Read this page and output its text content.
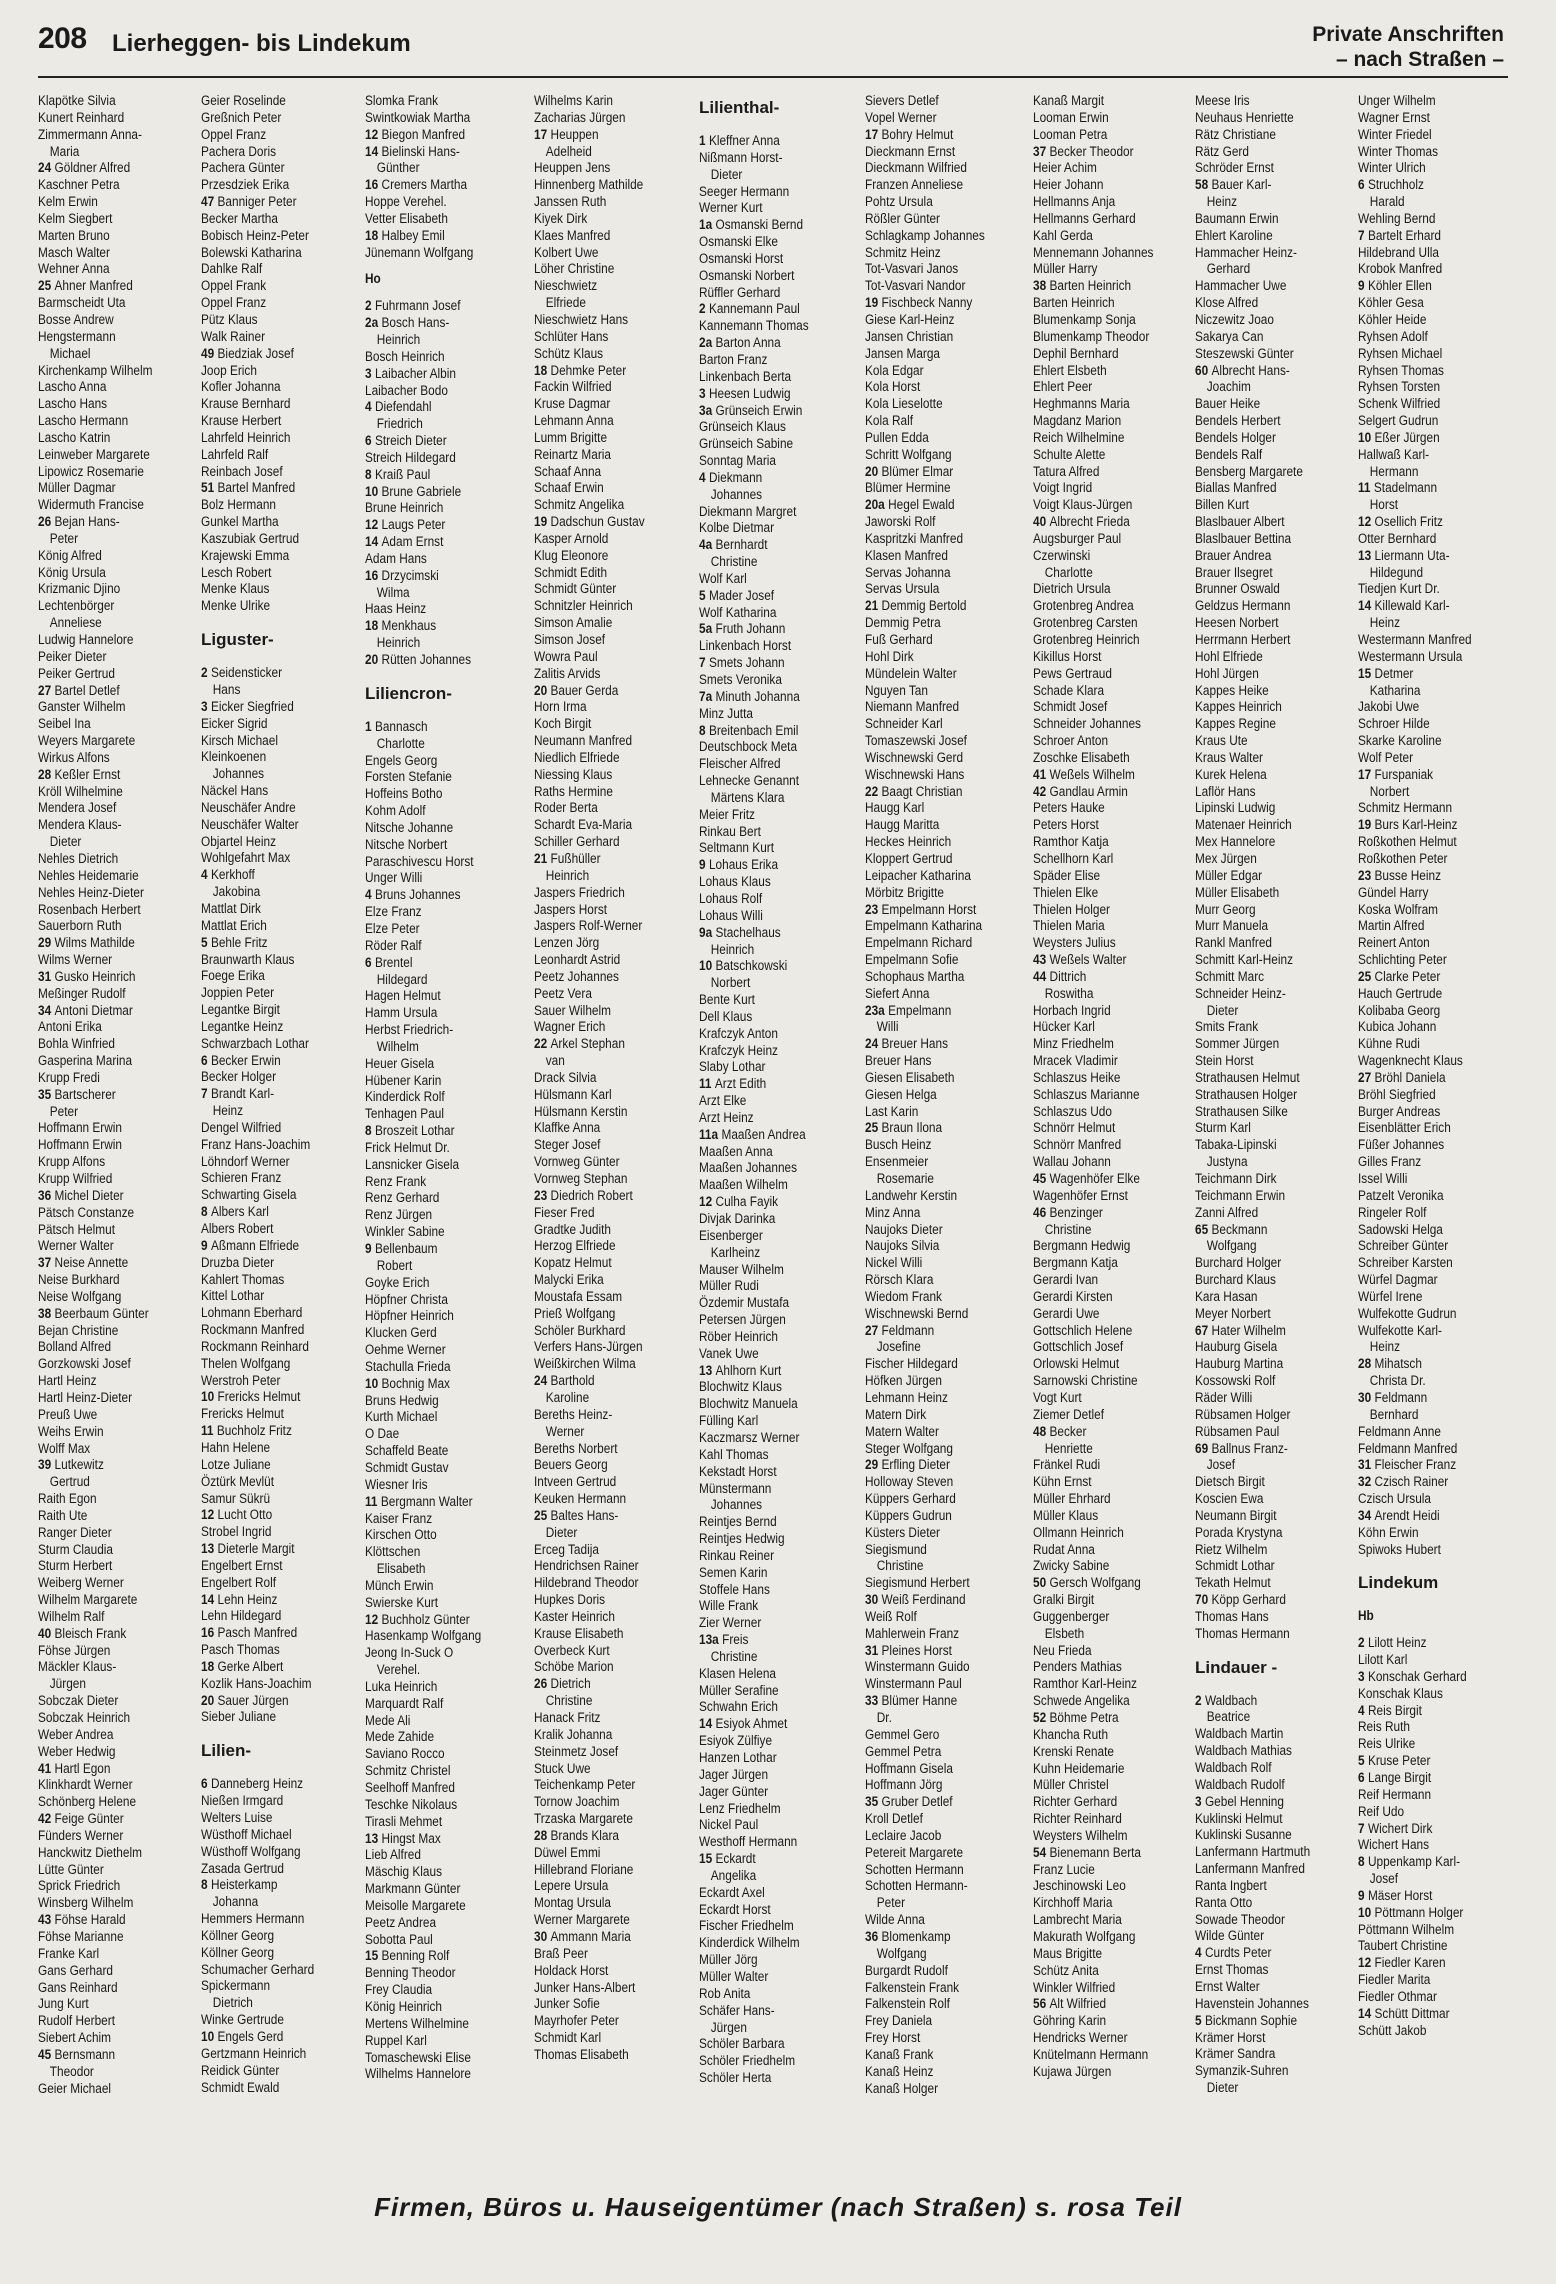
208 Lierheggen- bis Lindekum	Private Anschriften
– nach Straßen –
Klapötke Silvia
Kunert Reinhard
Zimmermann Anna-
Maria
24 Göldner Alfred
Kaschner Petra
Kelm Erwin
Kelm Siegbert
Marten Bruno
Masch Walter
Wehner Anna
25 Ahner Manfred
Barmscheidt Uta
Bosse Andrew
Hengstermann
Michael
Kirchenkamp Wilhelm
Lascho Anna
Lascho Hans
Lascho Hermann
Lascho Katrin
Leinweber Margarete
Lipowicz Rosemarie
Müller Dagmar
Widermuth Francise
26 Bejan Hans-
Peter
König Alfred
König Ursula
Krizmanic Djino
Lechtenbörger
Anneliese
Ludwig Hannelore
Peiker Dieter
Peiker Gertrud
27 Bartel Detlef
Ganster Wilhelm
Seibel Ina
Weyers Margarete
Wirkus Alfons
28 Keßler Ernst
Kröll Wilhelmine
Mendera Josef
Mendera Klaus-
Dieter
Nehles Dietrich
Nehles Heidemarie
Nehles Heinz-Dieter
Rosenbach Herbert
Sauerborn Ruth
29 Wilms Mathilde
Wilms Werner
31 Gusko Heinrich
Meßinger Rudolf
34 Antoni Dietmar
Antoni Erika
Bohla Winfried
Gasperina Marina
Krupp Fredi
35 Bartscherer
Peter
Hoffmann Erwin
Hoffmann Erwin
Krupp Alfons
Krupp Wilfried
36 Michel Dieter
Pätsch Constanze
Pätsch Helmut
Werner Walter
37 Neise Annette
Neise Burkhard
Neise Wolfgang
38 Beerbaum Günter
Bejan Christine
Bolland Alfred
Gorzkowski Josef
Hartl Heinz
Hartl Heinz-Dieter
Preuß Uwe
Weihs Erwin
Wolff Max
39 Lutkewitz
Gertrud
Raith Egon
Raith Ute
Ranger Dieter
Sturm Claudia
Sturm Herbert
Weiberg Werner
Wilhelm Margarete
Wilhelm Ralf
40 Bleisch Frank
Föhse Jürgen
Mäckler Klaus-
Jürgen
Sobczak Dieter
Sobczak Heinrich
Weber Andrea
Weber Hedwig
41 Hartl Egon
Klinkhardt Werner
Schönberg Helene
42 Feige Günter
Fünders Werner
Hanckwitz Diethelm
Lütte Günter
Sprick Friedrich
Winsberg Wilhelm
43 Föhse Harald
Föhse Marianne
Franke Karl
Gans Gerhard
Gans Reinhard
Jung Kurt
Rudolf Herbert
Siebert Achim
45 Bernsmann
Theodor
Geier Michael
Geier Roselinde
Greßnich Peter
Oppel Franz
Pachera Doris
Pachera Günter
Przesdziek Erika
47 Banniger Peter
Becker Martha
Bobisch Heinz-Peter
Bolewski Katharina
Dahlke Ralf
Oppel Frank
Oppel Franz
Pütz Klaus
Walk Rainer
49 Biedziak Josef
Joop Erich
Kofler Johanna
Krause Bernhard
Krause Herbert
Lahrfeld Heinrich
Lahrfeld Ralf
Reinbach Josef
51 Bartel Manfred
Bolz Hermann
Gunkel Martha
Kaszubiak Gertrud
Krajewski Emma
Lesch Robert
Menke Klaus
Menke Ulrike
Liguster-
2 Seidensticker
Hans
3 Eicker Siegfried
Eicker Sigrid
Kirsch Michael
Kleinkoenen
Johannes
Näckel Hans
Neuschäfer Andre
Neuschäfer Walter
Objartel Heinz
Wohlgefahrt Max
4 Kerkhoff
Jakobina
Mattlat Dirk
Mattlat Erich
5 Behle Fritz
Braunwarth Klaus
Foege Erika
Joppien Peter
Legantke Birgit
Legantke Heinz
Schwarzbach Lothar
6 Becker Erwin
Becker Holger
7 Brandt Karl-
Heinz
Dengel Wilfried
Franz Hans-Joachim
Löhndorf Werner
Schieren Franz
Schwarting Gisela
8 Albers Karl
Albers Robert
9 Aßmann Elfriede
Druzba Dieter
Kahlert Thomas
Kittel Lothar
Lohmann Eberhard
Rockmann Manfred
Rockmann Reinhard
Thelen Wolfgang
Werstroh Peter
10 Frericks Helmut
Frericks Helmut
11 Buchholz Fritz
Hahn Helene
Lotze Juliane
Öztürk Mevlüt
Samur Sükrü
12 Lucht Otto
Strobel Ingrid
13 Dieterle Margit
Engelbert Ernst
Engelbert Rolf
14 Lehn Heinz
Lehn Hildegard
16 Pasch Manfred
Pasch Thomas
18 Gerke Albert
Kozlik Hans-Joachim
20 Sauer Jürgen
Sieber Juliane
Lilien-
6 Danneberg Heinz
Nießen Irmgard
Welters Luise
Wüsthoff Michael
Wüsthoff Wolfgang
Zasada Gertrud
8 Heisterkamp
Johanna
Hemmers Hermann
Köllner Georg
Köllner Georg
Schumacher Gerhard
Spickermann
Dietrich
Winke Gertrude
10 Engels Gerd
Gertzmann Heinrich
Reidick Günter
Schmidt Ewald
Slomka Frank
Swintkowiak Martha
12 Biegon Manfred
14 Bielinski Hans-
Günther
16 Cremers Martha
Hoppe Verehel.
Vetter Elisabeth
18 Halbey Emil
Jünemann Wolfgang
Ho
2 Fuhrmann Josef
2a Bosch Hans-
Heinrich
Bosch Heinrich
3 Laibacher Albin
Laibacher Bodo
4 Diefendahl
Friedrich
6 Streich Dieter
Streich Hildegard
8 Kraiß Paul
10 Brune Gabriele
Brune Heinrich
12 Laugs Peter
14 Adam Ernst
Adam Hans
16 Drzycimski
Wilma
Haas Heinz
18 Menkhaus
Heinrich
20 Rütten Johannes
Liliencron-
1 Bannasch
Charlotte
Engels Georg
Forsten Stefanie
Hoffeins Botho
Kohm Adolf
Nitsche Johanne
Nitsche Norbert
Paraschivescu Horst
Unger Willi
4 Bruns Johannes
Elze Franz
Elze Peter
Röder Ralf
6 Brentel
Hildegard
Hagen Helmut
Hamm Ursula
Herbst Friedrich-
Wilhelm
Heuer Gisela
Hübener Karin
Kinderdick Rolf
Tenhagen Paul
8 Broszeit Lothar
Frick Helmut Dr.
Lansnicker Gisela
Renz Frank
Renz Gerhard
Renz Jürgen
Winkler Sabine
9 Bellenbaum
Robert
Goyke Erich
Höpfner Christa
Höpfner Heinrich
Klucken Gerd
Oehme Werner
Stachulla Frieda
10 Bochnig Max
Bruns Hedwig
Kurth Michael
O Dae
Schaffeld Beate
Schmidt Gustav
Wiesner Iris
11 Bergmann Walter
Kaiser Franz
Kirschen Otto
Klöttschen
Elisabeth
Münch Erwin
Swierske Kurt
12 Buchholz Günter
Hasenkamp Wolfgang
Jeong In-Suck O
Verehel.
Luka Heinrich
Marquardt Ralf
Mede Ali
Mede Zahide
Saviano Rocco
Schmitz Christel
Seelhoff Manfred
Teschke Nikolaus
Tirasli Mehmet
13 Hingst Max
Lieb Alfred
Mäschig Klaus
Markmann Günter
Meisolle Margarete
Peetz Andrea
Sobotta Paul
15 Benning Rolf
Benning Theodor
Frey Claudia
König Heinrich
Mertens Wilhelmine
Ruppel Karl
Tomaschewski Elise
Wilhelms Hannelore
Wilhelms Karin
Zacharias Jürgen
17 Heuppen
Adelheid
Heuppen Jens
Hinnenberg Mathilde
Janssen Ruth
Kiyek Dirk
Klaes Manfred
Kolbert Uwe
Löher Christine
Nieschwietz
Elfriede
Nieschwietz Hans
Schlüter Hans
Schütz Klaus
18 Dehmke Peter
Fackin Wilfried
Kruse Dagmar
Lehmann Anna
Lumm Brigitte
Reinartz Maria
Schaaf Anna
Schaaf Erwin
Schmitz Angelika
19 Dadschun Gustav
Kasper Arnold
Klug Eleonore
Schmidt Edith
Schmidt Günter
Schnitzler Heinrich
Simson Amalie
Simson Josef
Wowra Paul
Zalitis Arvids
20 Bauer Gerda
Horn Irma
Koch Birgit
Neumann Manfred
Niedlich Elfriede
Niessing Klaus
Raths Hermine
Roder Berta
Schardt Eva-Maria
Schiller Gerhard
21 Fußhüller
Heinrich
Jaspers Friedrich
Jaspers Horst
Jaspers Rolf-Werner
Lenzen Jörg
Leonhardt Astrid
Peetz Johannes
Peetz Vera
Sauer Wilhelm
Wagner Erich
22 Arkel Stephan
van
Drack Silvia
Hülsmann Karl
Hülsmann Kerstin
Klaffke Anna
Steger Josef
Vornweg Günter
Vornweg Stephan
23 Diedrich Robert
Fieser Fred
Gradtke Judith
Herzog Elfriede
Kopatz Helmut
Malycki Erika
Moustafa Essam
Prieß Wolfgang
Schöler Burkhard
Verfers Hans-Jürgen
Weißkirchen Wilma
24 Barthold
Karoline
Bereths Heinz-
Werner
Bereths Norbert
Beuers Georg
Intveen Gertrud
Keuken Hermann
25 Baltes Hans-
Dieter
Erceg Tadija
Hendrichsen Rainer
Hildebrand Theodor
Hupkes Doris
Kaster Heinrich
Krause Elisabeth
Overbeck Kurt
Schöbe Marion
26 Dietrich
Christine
Hanack Fritz
Kralik Johanna
Steinmetz Josef
Stuck Uwe
Teichenkamp Peter
Tornow Joachim
Trzaska Margarete
28 Brands Klara
Düwel Emmi
Hillebrand Floriane
Lepere Ursula
Montag Ursula
Werner Margarete
30 Ammann Maria
Braß Peer
Holdack Horst
Junker Hans-Albert
Junker Sofie
Mayrhofer Peter
Schmidt Karl
Thomas Elisabeth
Lilienthal-
1 Kleffner Anna
Nißmann Horst-
Dieter
Seeger Hermann
Werner Kurt
1a Osmanski Bernd
Osmanski Elke
Osmanski Horst
Osmanski Norbert
Rüffler Gerhard
2 Kannemann Paul
Kannemann Thomas
2a Barton Anna
Barton Franz
Linkenbach Berta
3 Heesen Ludwig
3a Grünseich Erwin
Grünseich Klaus
Grünseich Sabine
Sonntag Maria
4 Diekmann
Johannes
Diekmann Margret
Kolbe Dietmar
4a Bernhardt
Christine
Wolf Karl
5 Mader Josef
Wolf Katharina
5a Fruth Johann
Linkenbach Horst
7 Smets Johann
Smets Veronika
7a Minuth Johanna
Minz Jutta
8 Breitenbach Emil
Deutschbock Meta
Fleischer Alfred
Lehnecke Genannt
Märtens Klara
Meier Fritz
Rinkau Bert
Seltmann Kurt
9 Lohaus Erika
Lohaus Klaus
Lohaus Rolf
Lohaus Willi
9a Stachelhaus
Heinrich
10 Batschkowski
Norbert
Bente Kurt
Dell Klaus
Krafczyk Anton
Krafczyk Heinz
Slaby Lothar
11 Arzt Edith
Arzt Elke
Arzt Heinz
11a Maaßen Andrea
Maaßen Anna
Maaßen Johannes
Maaßen Wilhelm
12 Culha Fayik
Divjak Darinka
Eisenberger
Karlheinz
Mauser Wilhelm
Müller Rudi
Özdemir Mustafa
Petersen Jürgen
Röber Heinrich
Vanek Uwe
13 Ahlhorn Kurt
Blochwitz Klaus
Blochwitz Manuela
Fülling Karl
Kaczmarsz Werner
Kahl Thomas
Kekstadt Horst
Münstermann
Johannes
Reintjes Bernd
Reintjes Hedwig
Rinkau Reiner
Semen Karin
Stoffele Hans
Wille Frank
Zier Werner
13a Freis
Christine
Klasen Helena
Müller Serafine
Schwahn Erich
14 Esiyok Ahmet
Esiyok Zülfiye
Hanzen Lothar
Jager Jürgen
Jager Günter
Lenz Friedhelm
Nickel Paul
Westhoff Hermann
15 Eckardt
Angelika
Eckardt Axel
Eckardt Horst
Fischer Friedhelm
Kinderdick Wilhelm
Müller Jörg
Müller Walter
Rob Anita
Schäfer Hans-
Jürgen
Schöler Barbara
Schöler Friedhelm
Schöler Herta
Sievers Detlef
Vopel Werner
17 Bohry Helmut
Dieckmann Ernst
Dieckmann Wilfried
Franzen Anneliese
Pohtz Ursula
Rößler Günter
Schlagkamp Johannes
Schmitz Heinz
Tot-Vasvari Janos
Tot-Vasvari Nandor
19 Fischbeck Nanny
Giese Karl-Heinz
Jansen Christian
Jansen Marga
Kola Edgar
Kola Horst
Kola Lieselotte
Kola Ralf
Pullen Edda
Schritt Wolfgang
20 Blümer Elmar
Blümer Hermine
20a Hegel Ewald
Jaworski Rolf
Kaspritzki Manfred
Klasen Manfred
Servas Johanna
Servas Ursula
21 Demmig Bertold
Demmig Petra
Fuß Gerhard
Hohl Dirk
Mündelein Walter
Nguyen Tan
Niemann Manfred
Schneider Karl
Tomaszewski Josef
Wischnewski Gerd
Wischnewski Hans
22 Baagt Christian
Haugg Karl
Haugg Maritta
Heckes Heinrich
Kloppert Gertrud
Leipacher Katharina
Mörbitz Brigitte
23 Empelmann Horst
Empelmann Katharina
Empelmann Richard
Empelmann Sofie
Schophaus Martha
Siefert Anna
23a Empelmann
Willi
24 Breuer Hans
Breuer Hans
Giesen Elisabeth
Giesen Helga
Last Karin
25 Braun Ilona
Busch Heinz
Ensenmeier
Rosemarie
Landwehr Kerstin
Minz Anna
Naujoks Dieter
Naujoks Silvia
Nickel Willi
Rörsch Klara
Wiedom Frank
Wischnewski Bernd
27 Feldmann
Josefine
Fischer Hildegard
Höfken Jürgen
Lehmann Heinz
Matern Dirk
Matern Walter
Steger Wolfgang
29 Erfling Dieter
Holloway Steven
Küppers Gerhard
Küppers Gudrun
Küsters Dieter
Siegismund
Christine
Siegismund Herbert
30 Weiß Ferdinand
Weiß Rolf
Mahlerwein Franz
31 Pleines Horst
Winstermann Guido
Winstermann Paul
33 Blümer Hanne
Dr.
Gemmel Gero
Gemmel Petra
Hoffmann Gisela
Hoffmann Jörg
35 Gruber Detlef
Kroll Detlef
Leclaire Jacob
Petereit Margarete
Schotten Hermann
Schotten Hermann-
Peter
Wilde Anna
36 Blomenkamp
Wolfgang
Burgardt Rudolf
Falkenstein Frank
Falkenstein Rolf
Frey Daniela
Frey Horst
Kanaß Frank
Kanaß Heinz
Kanaß Holger
Kanaß Margit
Looman Erwin
Looman Petra
37 Becker Theodor
Heier Achim
Heier Johann
Hellmanns Anja
Hellmanns Gerhard
Kahl Gerda
Mennemann Johannes
Müller Harry
38 Barten Heinrich
Barten Heinrich
Blumenkamp Sonja
Blumenkamp Theodor
Dephil Bernhard
Ehlert Elsbeth
Ehlert Peer
Heghmanns Maria
Magdanz Marion
Reich Wilhelmine
Schulte Alette
Tatura Alfred
Voigt Ingrid
Voigt Klaus-Jürgen
40 Albrecht Frieda
Augsburger Paul
Czerwinski
Charlotte
Dietrich Ursula
Grotenbreg Andrea
Grotenbreg Carsten
Grotenbreg Heinrich
Kikillus Horst
Pews Gertraud
Schade Klara
Schmidt Josef
Schneider Johannes
Schroer Anton
Zoschke Elisabeth
41 Weßels Wilhelm
42 Gandlau Armin
Peters Hauke
Peters Horst
Ramthor Katja
Schellhorn Karl
Späder Elise
Thielen Elke
Thielen Holger
Thielen Maria
Weysters Julius
43 Weßels Walter
44 Dittrich
Roswitha
Horbach Ingrid
Hücker Karl
Minz Friedhelm
Mracek Vladimir
Schlaszus Heike
Schlaszus Marianne
Schlaszus Udo
Schnörr Helmut
Schnörr Manfred
Wallau Johann
45 Wagenhöfer Elke
Wagenhöfer Ernst
46 Benzinger
Christine
Bergmann Hedwig
Bergmann Katja
Gerardi Ivan
Gerardi Kirsten
Gerardi Uwe
Gottschlich Helene
Gottschlich Josef
Orlowski Helmut
Sarnowski Christine
Vogt Kurt
Ziemer Detlef
48 Becker
Henriette
Fränkel Rudi
Kühn Ernst
Müller Ehrhard
Müller Klaus
Ollmann Heinrich
Rudat Anna
Zwicky Sabine
50 Gersch Wolfgang
Gralki Birgit
Guggenberger
Elsbeth
Neu Frieda
Penders Mathias
Ramthor Karl-Heinz
Schwede Angelika
52 Böhme Petra
Khancha Ruth
Krenski Renate
Kuhn Heidemarie
Müller Christel
Richter Gerhard
Richter Reinhard
Weysters Wilhelm
54 Bienemann Berta
Franz Lucie
Jeschinowski Leo
Kirchhoff Maria
Lambrecht Maria
Makurath Wolfgang
Maus Brigitte
Schütz Anita
Winkler Wilfried
56 Alt Wilfried
Göhring Karin
Hendricks Werner
Knütelmann Hermann
Kujawa Jürgen
Meese Iris
Neuhaus Henriette
Rätz Christiane
Rätz Gerd
Schröder Ernst
58 Bauer Karl-
Heinz
Baumann Erwin
Ehlert Karoline
Hammacher Heinz-
Gerhard
Hammacher Uwe
Klose Alfred
Niczewitz Joao
Sakarya Can
Steszewski Günter
60 Albrecht Hans-
Joachim
Bauer Heike
Bendels Herbert
Bendels Holger
Bendels Ralf
Bensberg Margarete
Biallas Manfred
Billen Kurt
Blaslbauer Albert
Blaslbauer Bettina
Brauer Andrea
Brauer Ilsegret
Brunner Oswald
Geldzus Hermann
Heesen Norbert
Herrmann Herbert
Hohl Elfriede
Hohl Jürgen
Kappes Heike
Kappes Heinrich
Kappes Regine
Kraus Ute
Kraus Walter
Kurek Helena
Laflör Hans
Lipinski Ludwig
Matenaer Heinrich
Mex Hannelore
Mex Jürgen
Müller Edgar
Müller Elisabeth
Murr Georg
Murr Manuela
Rankl Manfred
Schmitt Karl-Heinz
Schmitt Marc
Schneider Heinz-
Dieter
Smits Frank
Sommer Jürgen
Stein Horst
Strathausen Helmut
Strathausen Holger
Strathausen Silke
Sturm Karl
Tabaka-Lipinski
Justyna
Teichmann Dirk
Teichmann Erwin
Zanni Alfred
65 Beckmann
Wolfgang
Burchard Holger
Burchard Klaus
Kara Hasan
Meyer Norbert
67 Hater Wilhelm
Hauburg Gisela
Hauburg Martina
Kossowski Rolf
Räder Willi
Rübsamen Holger
Rübsamen Paul
69 Ballnus Franz-
Josef
Dietsch Birgit
Koscien Ewa
Neumann Birgit
Porada Krystyna
Rietz Wilhelm
Schmidt Lothar
Tekath Helmut
70 Köpp Gerhard
Thomas Hans
Thomas Hermann
Lindauer -
2 Waldbach
Beatrice
Waldbach Martin
Waldbach Mathias
Waldbach Rolf
Waldbach Rudolf
3 Gebel Henning
Kuklinski Helmut
Kuklinski Susanne
Lanfermann Hartmuth
Lanfermann Manfred
Ranta Ingbert
Ranta Otto
Sowade Theodor
Wilde Günter
4 Curdts Peter
Ernst Thomas
Ernst Walter
Havenstein Johannes
5 Bickmann Sophie
Krämer Horst
Krämer Sandra
Symanzik-Suhren
Dieter
Unger Wilhelm
Wagner Ernst
Winter Friedel
Winter Thomas
Winter Ulrich
6 Struchholz
Harald
Wehling Bernd
7 Bartelt Erhard
Hildebrand Ulla
Krobok Manfred
9 Köhler Ellen
Köhler Gesa
Köhler Heide
Ryhsen Adolf
Ryhsen Michael
Ryhsen Thomas
Ryhsen Torsten
Schenk Wilfried
Selgert Gudrun
10 Eßer Jürgen
Hallwaß Karl-
Hermann
11 Stadelmann
Horst
12 Osellich Fritz
Otter Bernhard
13 Liermann Uta-
Hildegund
Tiedjen Kurt Dr.
14 Killewald Karl-
Heinz
Westermann Manfred
Westermann Ursula
15 Detmer
Katharina
Jakobi Uwe
Schroer Hilde
Skarke Karoline
Wolf Peter
17 Furspaniak
Norbert
Schmitz Hermann
19 Burs Karl-Heinz
Roßkothen Helmut
Roßkothen Peter
23 Busse Heinz
Gündel Harry
Koska Wolfram
Martin Alfred
Reinert Anton
Schlichting Peter
25 Clarke Peter
Hauch Gertrude
Kolibaba Georg
Kubica Johann
Kühne Rudi
Wagenknecht Klaus
27 Bröhl Daniela
Bröhl Siegfried
Burger Andreas
Eisenblätter Erich
Füßer Johannes
Gilles Franz
Issel Willi
Patzelt Veronika
Ringeler Rolf
Sadowski Helga
Schreiber Günter
Schreiber Karsten
Würfel Dagmar
Würfel Irene
Wulfekotte Gudrun
Wulfekotte Karl-
Heinz
28 Mihatsch
Christa Dr.
30 Feldmann
Bernhard
Feldmann Anne
Feldmann Manfred
31 Fleischer Franz
32 Czisch Rainer
Czisch Ursula
34 Arendt Heidi
Köhn Erwin
Spiwoks Hubert
Lindekum
Hb
2 Lilott Heinz
Lilott Karl
3 Konschak Gerhard
Konschak Klaus
4 Reis Birgit
Reis Ruth
Reis Ulrike
5 Kruse Peter
6 Lange Birgit
Reif Hermann
Reif Udo
7 Wichert Dirk
Wichert Hans
8 Uppenkamp Karl-
Josef
9 Mäser Horst
10 Pöttmann Holger
Pöttmann Wilhelm
Taubert Christine
12 Fiedler Karen
Fiedler Marita
Fiedler Othmar
14 Schütt Dittmar
Schütt Jakob
Firmen, Büros u. Hauseigentümer (nach Straßen) s. rosa Teil
